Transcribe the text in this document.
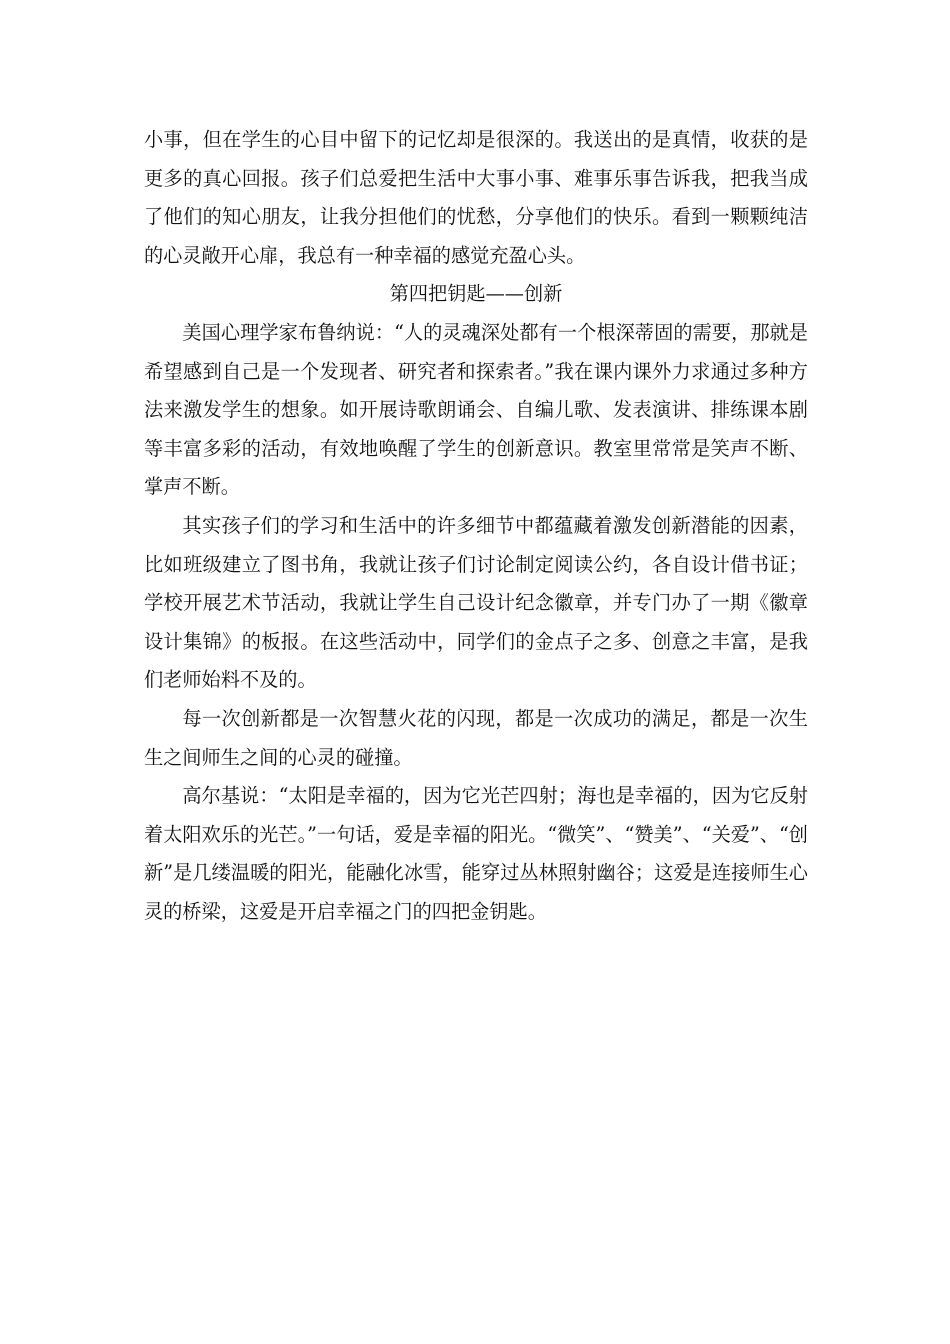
小事，但在学生的心目中留下的记忆却是很深的。我送出的是真情，收获的是更多的真心回报。孩子们总爱把生活中大事小事、难事乐事告诉我，把我当成了他们的知心朋友，让我分担他们的忧愁，分享他们的快乐。看到一颗颗纯洁的心灵敞开心扉，我总有一种幸福的感觉充盈心头。

第四把钥匙——创新

美国心理学家布鲁纳说：“人的灵魂深处都有一个根深蒂固的需要，那就是希望感到自己是一个发现者、研究者和探索者。”我在课内课外力求通过多种方法来激发学生的想象。如开展诗歌朗诵会、自编儿歌、发表演讲、排练课本剧等丰富多彩的活动，有效地唤醒了学生的创新意识。教室里常常是笑声不断、掌声不断。

其实孩子们的学习和生活中的许多细节中都蕴藏着激发创新潜能的因素，比如班级建立了图书角，我就让孩子们讨论制定阅读公约，各自设计借书证；学校开展艺术节活动，我就让学生自己设计纪念徽章，并专门办了一期《徽章设计集锦》的板报。在这些活动中，同学们的金点子之多、创意之丰富，是我们老师始料不及的。

每一次创新都是一次智慧火花的闪现，都是一次成功的满足，都是一次生生之间师生之间的心灵的碰撞。

高尔基说：“太阳是幸福的，因为它光芒四射；海也是幸福的，因为它反射着太阳欢乐的光芒。”一句话，爱是幸福的阳光。“微笑”、“赞美”、“关爱”、“创新”是几缕温暖的阳光，能融化冰雪，能穿过丛林照射幽谷；这爱是连接师生心灵的桥梁，这爱是开启幸福之门的四把金钥匙。
